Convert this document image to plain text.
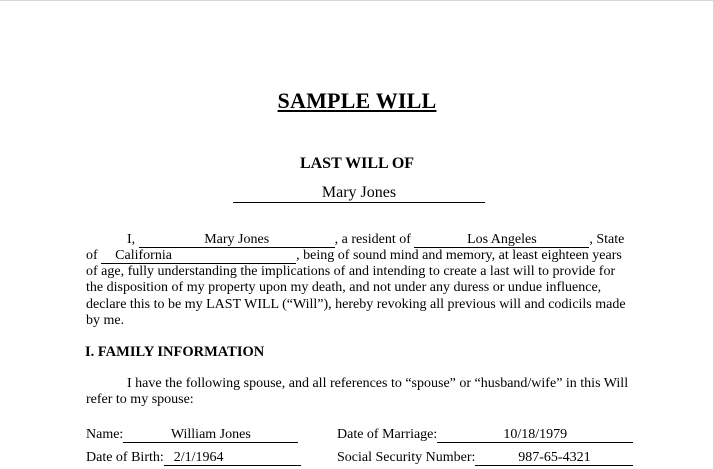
SAMPLE WILL
LAST WILL OF
Mary Jones
I,	Mary Jones	, a resident of	Los Angeles	, State
of California	, being of sound mind and memory, at least eighteen years
of age, fully understanding the implications of and intending to create a last will to provide for
the disposition of my property upon my death, and not under any duress or undue influence,
declare this to be my LAST WILL (“Will”), hereby revoking all previous will and codicils made
by me.
I. FAMILY INFORMATION
I have the following spouse, and all references to “spouse” or “husband/wife” in this Will
refer to my spouse:
Name:	William Jones	Date of Marriage:	10/18/1979
Date of Birth: 2/1/1964	Social Security Number:	987-65-4321
